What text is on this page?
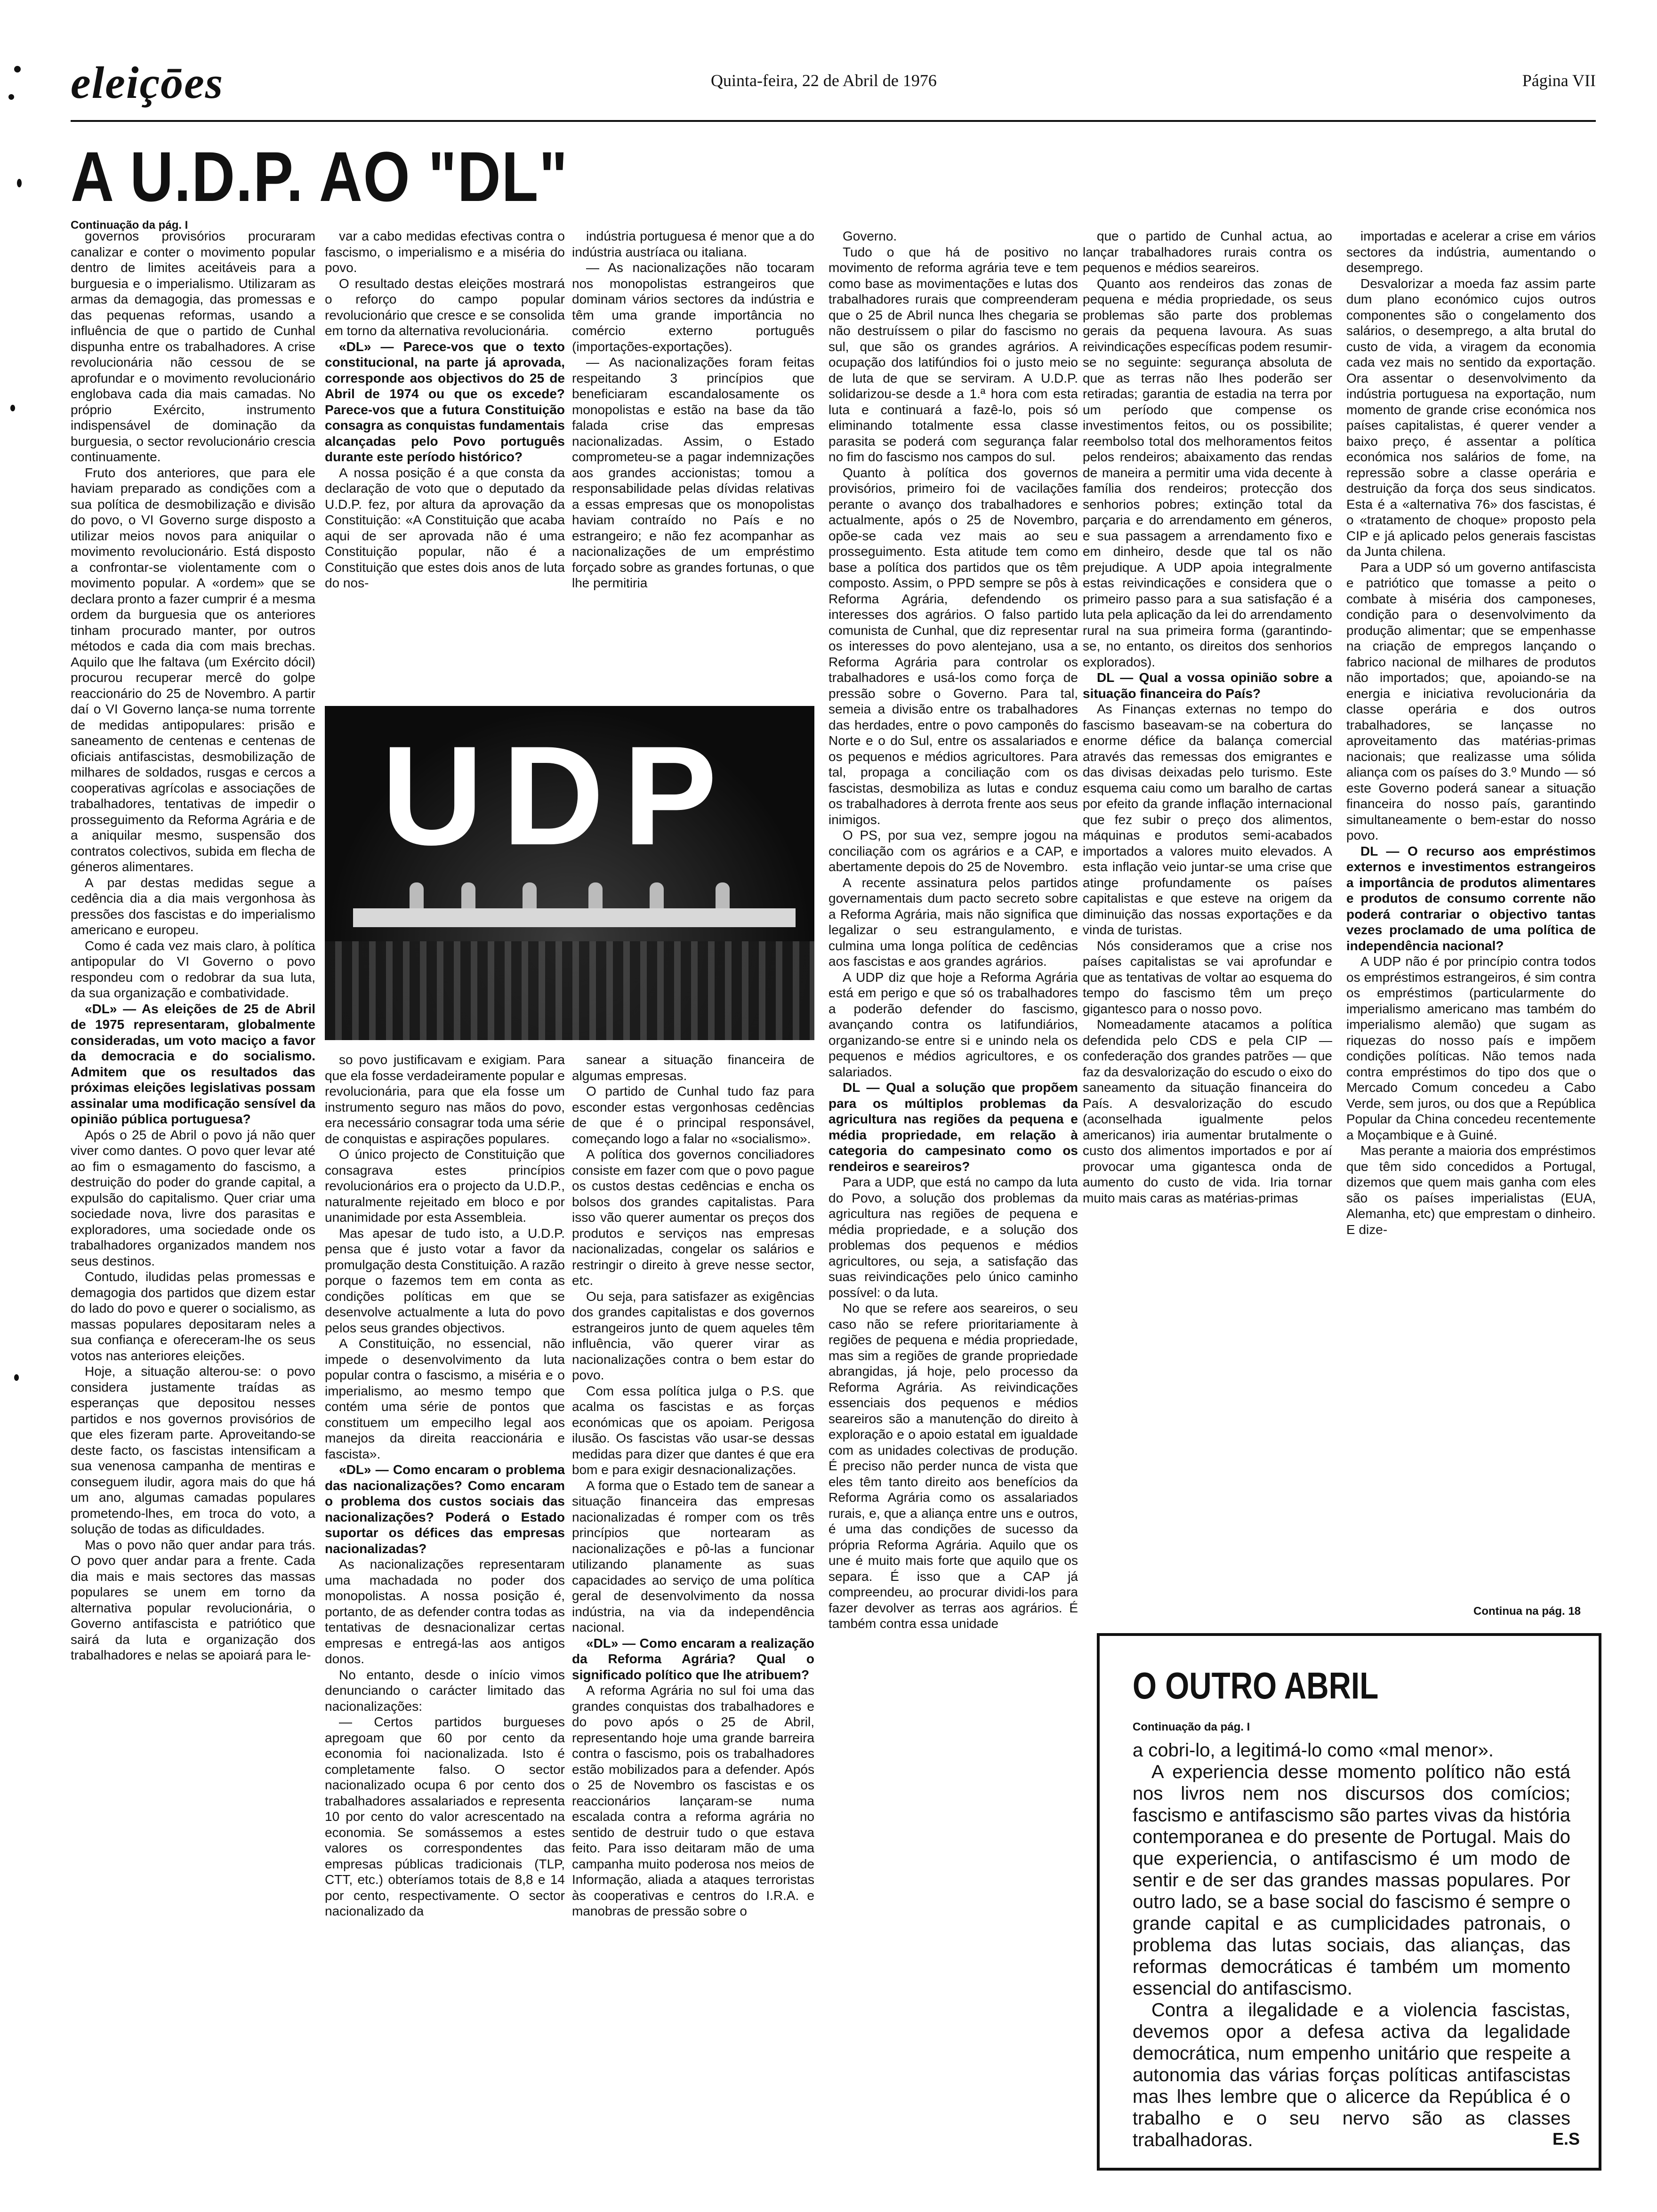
eleiçōes	Quinta-feira, 22 de Abril de 1976	Página VII
A U.D.P. AO "DL"
Continuação da pág. I

governos provisórios procuraram canalizar e conter o movimento popular dentro de limites aceitáveis para a burguesia e o imperialismo. Utilizaram as armas da demagogia, das promessas e das pequenas reformas, usando a influência de que o partido de Cunhal dispunha entre os trabalhadores. A crise revolucionária não cessou de se aprofundar e o movimento revolucionário englobava cada dia mais camadas. No próprio Exército, instrumento indispensável de dominação da burguesia, o sector revolucionário crescia continuamente.

Fruto dos anteriores, que para ele haviam preparado as condições com a sua política de desmobilização e divisão do povo, o VI Governo surge disposto a utilizar meios novos para aniquilar o movimento revolucionário. Está disposto a confrontar-se violentamente com o movimento popular. A «ordem» que se declara pronto a fazer cumprir é a mesma ordem da burguesia que os anteriores tinham procurado manter, por outros métodos e cada dia com mais brechas. Aquilo que lhe faltava (um Exército dócil) procurou recuperar mercê do golpe reaccionário do 25 de Novembro. A partir daí o VI Governo lança-se numa torrente de medidas antipopulares: prisão e saneamento de centenas e centenas de oficiais antifascistas, desmobilização de milhares de soldados, rusgas e cercos a cooperativas agrícolas e associações de trabalhadores, tentativas de impedir o prosseguimento da Reforma Agrária e de a aniquilar mesmo, suspensão dos contratos colectivos, subida em flecha de géneros alimentares.

A par destas medidas segue a cedência dia a dia mais vergonhosa às pressões dos fascistas e do imperialismo americano e europeu.

Como é cada vez mais claro, à política antipopular do VI Governo o povo respondeu com o redobrar da sua luta, da sua organização e combatividade.

«DL» — As eleições de 25 de Abril de 1975 representaram, globalmente consideradas, um voto maciço a favor da democracia e do socialismo. Admitem que os resultados das próximas eleições legislativas possam assinalar uma modificação sensível da opinião pública portuguesa?

Após o 25 de Abril o povo já não quer viver como dantes. O povo quer levar até ao fim o esmagamento do fascismo, a destruição do poder do grande capital, a expulsão do capitalismo. Quer criar uma sociedade nova, livre dos parasitas e exploradores, uma sociedade onde os trabalhadores organizados mandem nos seus destinos.

Contudo, iludidas pelas promessas e demagogia dos partidos que dizem estar do lado do povo e querer o socialismo, as massas populares depositaram neles a sua confiança e ofereceram-lhe os seus votos nas anteriores eleições.

Hoje, a situação alterou-se: o povo considera justamente traídas as esperanças que depositou nesses partidos e nos governos provisórios de que eles fizeram parte. Aproveitando-se deste facto, os fascistas intensificam a sua venenosa campanha de mentiras e conseguem iludir, agora mais do que há um ano, algumas camadas populares prometendo-lhes, em troca do voto, a solução de todas as dificuldades.

Mas o povo não quer andar para trás. O povo quer andar para a frente. Cada dia mais e mais sectores das massas populares se unem em torno da alternativa popular revolucionária, o Governo antifascista e patriótico que sairá da luta e organização dos trabalhadores e nelas se apoiará para le-

var a cabo medidas efectivas contra o fascismo, o imperialismo e a miséria do povo.

O resultado destas eleições mostrará o reforço do campo popular revolucionário que cresce e se consolida em torno da alternativa revolucionária.

«DL» — Parece-vos que o texto constitucional, na parte já aprovada, corresponde aos objectivos do 25 de Abril de 1974 ou que os excede? Parece-vos que a futura Constituição consagra as conquistas fundamentais alcançadas pelo Povo português durante este período histórico?

A nossa posição é a que consta da declaração de voto que o deputado da U.D.P. fez, por altura da aprovação da Constituição: «A Constituição que acaba aqui de ser aprovada não é uma Constituição popular, não é a Constituição que estes dois anos de luta do nos-

indústria portuguesa é menor que a do indústria austríaca ou italiana.

— As nacionalizações não tocaram nos monopolistas estrangeiros que dominam vários sectores da indústria e têm uma grande importância no comércio externo português (importações-exportações).

— As nacionalizações foram feitas respeitando 3 princípios que beneficiaram escandalosamente os monopolistas e estão na base da tão falada crise das empresas nacionalizadas. Assim, o Estado comprometeu-se a pagar indemnizações aos grandes accionistas; tomou a responsabilidade pelas dívidas relativas a essas empresas que os monopolistas haviam contraído no País e no estrangeiro; e não fez acompanhar as nacionalizações de um empréstimo forçado sobre as grandes fortunas, o que lhe permitiria

UDP

so povo justificavam e exigiam. Para que ela fosse verdadeiramente popular e revolucionária, para que ela fosse um instrumento seguro nas mãos do povo, era necessário consagrar toda uma série de conquistas e aspirações populares.

O único projecto de Constituição que consagrava estes princípios revolucionários era o projecto da U.D.P., naturalmente rejeitado em bloco e por unanimidade por esta Assembleia.

Mas apesar de tudo isto, a U.D.P. pensa que é justo votar a favor da promulgação desta Constituição. A razão porque o fazemos tem em conta as condições políticas em que se desenvolve actualmente a luta do povo pelos seus grandes objectivos.

A Constituição, no essencial, não impede o desenvolvimento da luta popular contra o fascismo, a miséria e o imperialismo, ao mesmo tempo que contém uma série de pontos que constituem um empecilho legal aos manejos da direita reaccionária e fascista».

«DL» — Como encaram o problema das nacionalizações? Como encaram o problema dos custos sociais das nacionalizações? Poderá o Estado suportar os défices das empresas nacionalizadas?

As nacionalizações representaram uma machadada no poder dos monopolistas. A nossa posição é, portanto, de as defender contra todas as tentativas de desnacionalizar certas empresas e entregá-las aos antigos donos.

No entanto, desde o início vimos denunciando o carácter limitado das nacionalizações:

— Certos partidos burgueses apregoam que 60 por cento da economia foi nacionalizada. Isto é completamente falso. O sector nacionalizado ocupa 6 por cento dos trabalhadores assalariados e representa 10 por cento do valor acrescentado na economia. Se somássemos a estes valores os correspondentes das empresas públicas tradicionais (TLP, CTT, etc.) obteríamos totais de 8,8 e 14 por cento, respectivamente. O sector nacionalizado da

sanear a situação financeira de algumas empresas.

O partido de Cunhal tudo faz para esconder estas vergonhosas cedências de que é o principal responsável, começando logo a falar no «socialismo».

A política dos governos conciliadores consiste em fazer com que o povo pague os custos destas cedências e encha os bolsos dos grandes capitalistas. Para isso vão querer aumentar os preços dos produtos e serviços nas empresas nacionalizadas, congelar os salários e restringir o direito à greve nesse sector, etc.

Ou seja, para satisfazer as exigências dos grandes capitalistas e dos governos estrangeiros junto de quem aqueles têm influência, vão querer virar as nacionalizações contra o bem estar do povo.

Com essa política julga o P.S. que acalma os fascistas e as forças económicas que os apoiam. Perigosa ilusão. Os fascistas vão usar-se dessas medidas para dizer que dantes é que era bom e para exigir desnacionalizações.

A forma que o Estado tem de sanear a situação financeira das empresas nacionalizadas é romper com os três princípios que nortearam as nacionalizações e pô-las a funcionar utilizando planamente as suas capacidades ao serviço de uma política geral de desenvolvimento da nossa indústria, na via da independência nacional.

«DL» — Como encaram a realização da Reforma Agrária? Qual o significado político que lhe atribuem?

A reforma Agrária no sul foi uma das grandes conquistas dos trabalhadores e do povo após o 25 de Abril, representando hoje uma grande barreira contra o fascismo, pois os trabalhadores estão mobilizados para a defender. Após o 25 de Novembro os fascistas e os reaccionários lançaram-se numa escalada contra a reforma agrária no sentido de destruir tudo o que estava feito. Para isso deitaram mão de uma campanha muito poderosa nos meios de Informação, aliada a ataques terroristas às cooperativas e centros do I.R.A. e manobras de pressão sobre o

Governo.

Tudo o que há de positivo no movimento de reforma agrária teve e tem como base as movimentações e lutas dos trabalhadores rurais que compreenderam que o 25 de Abril nunca lhes chegaria se não destruíssem o pilar do fascismo no sul, que são os grandes agrários. A ocupação dos latifúndios foi o justo meio de luta de que se serviram. A U.D.P. solidarizou-se desde a 1.ª hora com esta luta e continuará a fazê-lo, pois só eliminando totalmente essa classe parasita se poderá com segurança falar no fim do fascismo nos campos do sul.

Quanto à política dos governos provisórios, primeiro foi de vacilações perante o avanço dos trabalhadores e actualmente, após o 25 de Novembro, opõe-se cada vez mais ao seu prosseguimento. Esta atitude tem como base a política dos partidos que os têm composto. Assim, o PPD sempre se pôs à Reforma Agrária, defendendo os interesses dos agrários. O falso partido comunista de Cunhal, que diz representar os interesses do povo alentejano, usa a Reforma Agrária para controlar os trabalhadores e usá-los como força de pressão sobre o Governo. Para tal, semeia a divisão entre os trabalhadores das herdades, entre o povo camponês do Norte e o do Sul, entre os assalariados e os pequenos e médios agricultores. Para tal, propaga a conciliação com os fascistas, desmobiliza as lutas e conduz os trabalhadores à derrota frente aos seus inimigos.

O PS, por sua vez, sempre jogou na conciliação com os agrários e a CAP, e abertamente depois do 25 de Novembro.

A recente assinatura pelos partidos governamentais dum pacto secreto sobre a Reforma Agrária, mais não significa que legalizar o seu estrangulamento, e culmina uma longa política de cedências aos fascistas e aos grandes agrários.

A UDP diz que hoje a Reforma Agrária está em perigo e que só os trabalhadores a poderão defender do fascismo, avançando contra os latifundiários, organizando-se entre si e unindo nela os pequenos e médios agricultores, e os salariados.

DL — Qual a solução que propõem para os múltiplos problemas da agricultura nas regiões da pequena e média propriedade, em relação à categoria do campesinato como os rendeiros e seareiros?

Para a UDP, que está no campo da luta do Povo, a solução dos problemas da agricultura nas regiões de pequena e média propriedade, e a solução dos problemas dos pequenos e médios agricultores, ou seja, a satisfação das suas reivindicações pelo único caminho possível: o da luta.

No que se refere aos seareiros, o seu caso não se refere prioritariamente à regiões de pequena e média propriedade, mas sim a regiões de grande propriedade abrangidas, já hoje, pelo processo da Reforma Agrária. As reivindicações essenciais dos pequenos e médios seareiros são a manutenção do direito à exploração e o apoio estatal em igualdade com as unidades colectivas de produção. É preciso não perder nunca de vista que eles têm tanto direito aos benefícios da Reforma Agrária como os assalariados rurais, e, que a aliança entre uns e outros, é uma das condições de sucesso da própria Reforma Agrária. Aquilo que os une é muito mais forte que aquilo que os separa. É isso que a CAP já compreendeu, ao procurar dividi-los para fazer devolver as terras aos agrários. É também contra essa unidade

que o partido de Cunhal actua, ao lançar trabalhadores rurais contra os pequenos e médios seareiros.

Quanto aos rendeiros das zonas de pequena e média propriedade, os seus problemas são parte dos problemas gerais da pequena lavoura. As suas reivindicações específicas podem resumir-se no seguinte: segurança absoluta de que as terras não lhes poderão ser retiradas; garantia de estadia na terra por um período que compense os investimentos feitos, ou os possibilite; reembolso total dos melhoramentos feitos pelos rendeiros; abaixamento das rendas de maneira a permitir uma vida decente à família dos rendeiros; protecção dos senhorios pobres; extinção total da parçaria e do arrendamento em géneros, e sua passagem a arrendamento fixo e em dinheiro, desde que tal os não prejudique. A UDP apoia integralmente estas reivindicações e considera que o primeiro passo para a sua satisfação é a luta pela aplicação da lei do arrendamento rural na sua primeira forma (garantindo-se, no entanto, os direitos dos senhorios explorados).

DL — Qual a vossa opinião sobre a situação financeira do País?

As Finanças externas no tempo do fascismo baseavam-se na cobertura do enorme défice da balança comercial através das remessas dos emigrantes e das divisas deixadas pelo turismo. Este esquema caiu como um baralho de cartas por efeito da grande inflação internacional que fez subir o preço dos alimentos, máquinas e produtos semi-acabados importados a valores muito elevados. A esta inflação veio juntar-se uma crise que atinge profundamente os países capitalistas e que esteve na origem da diminuição das nossas exportações e da vinda de turistas.

Nós consideramos que a crise nos países capitalistas se vai aprofundar e que as tentativas de voltar ao esquema do tempo do fascismo têm um preço gigantesco para o nosso povo.

Nomeadamente atacamos a política defendida pelo CDS e pela CIP — confederação dos grandes patrões — que faz da desvalorização do escudo o eixo do saneamento da situação financeira do País. A desvalorização do escudo (aconselhada igualmente pelos americanos) iria aumentar brutalmente o custo dos alimentos importados e por aí provocar uma gigantesca onda de aumento do custo de vida. Iria tornar muito mais caras as matérias-primas

importadas e acelerar a crise em vários sectores da indústria, aumentando o desemprego.

Desvalorizar a moeda faz assim parte dum plano económico cujos outros componentes são o congelamento dos salários, o desemprego, a alta brutal do custo de vida, a viragem da economia cada vez mais no sentido da exportação. Ora assentar o desenvolvimento da indústria portuguesa na exportação, num momento de grande crise económica nos países capitalistas, é querer vender a baixo preço, é assentar a política económica nos salários de fome, na repressão sobre a classe operária e destruição da força dos seus sindicatos. Esta é a «alternativa 76» dos fascistas, é o «tratamento de choque» proposto pela CIP e já aplicado pelos generais fascistas da Junta chilena.

Para a UDP só um governo antifascista e patriótico que tomasse a peito o combate à miséria dos camponeses, condição para o desenvolvimento da produção alimentar; que se empenhasse na criação de empregos lançando o fabrico nacional de milhares de produtos não importados; que, apoiando-se na energia e iniciativa revolucionária da classe operária e dos outros trabalhadores, se lançasse no aproveitamento das matérias-primas nacionais; que realizasse uma sólida aliança com os países do 3.º Mundo — só este Governo poderá sanear a situação financeira do nosso país, garantindo simultaneamente o bem-estar do nosso povo.

DL — O recurso aos empréstimos externos e investimentos estrangeiros a importância de produtos alimentares e produtos de consumo corrente não poderá contrariar o objectivo tantas vezes proclamado de uma política de independência nacional?

A UDP não é por princípio contra todos os empréstimos estrangeiros, é sim contra os empréstimos (particularmente do imperialismo americano mas também do imperialismo alemão) que sugam as riquezas do nosso país e impõem condições políticas. Não temos nada contra empréstimos do tipo dos que o Mercado Comum concedeu a Cabo Verde, sem juros, ou dos que a República Popular da China concedeu recentemente a Moçambique e à Guiné.

Mas perante a maioria dos empréstimos que têm sido concedidos a Portugal, dizemos que quem mais ganha com eles são os países imperialistas (EUA, Alemanha, etc) que emprestam o dinheiro. E dize-

Continua na pág. 18
O OUTRO ABRIL
Continuação da pág. I

a cobri-lo, a legitimá-lo como «mal menor».

A experiencia desse momento político não está nos livros nem nos discursos dos comícios; fascismo e antifascismo são partes vivas da história contemporanea e do presente de Portugal. Mais do que experiencia, o antifascismo é um modo de sentir e de ser das grandes massas populares. Por outro lado, se a base social do fascismo é sempre o grande capital e as cumplicidades patronais, o problema das lutas sociais, das alianças, das reformas democráticas é também um momento essencial do antifascismo.

Contra a ilegalidade e a violencia fascistas, devemos opor a defesa activa da legalidade democrática, num empenho unitário que respeite a autonomia das várias forças políticas antifascistas mas lhes lembre que o alicerce da República é o trabalho e o seu nervo são as classes trabalhadoras.	E.S
